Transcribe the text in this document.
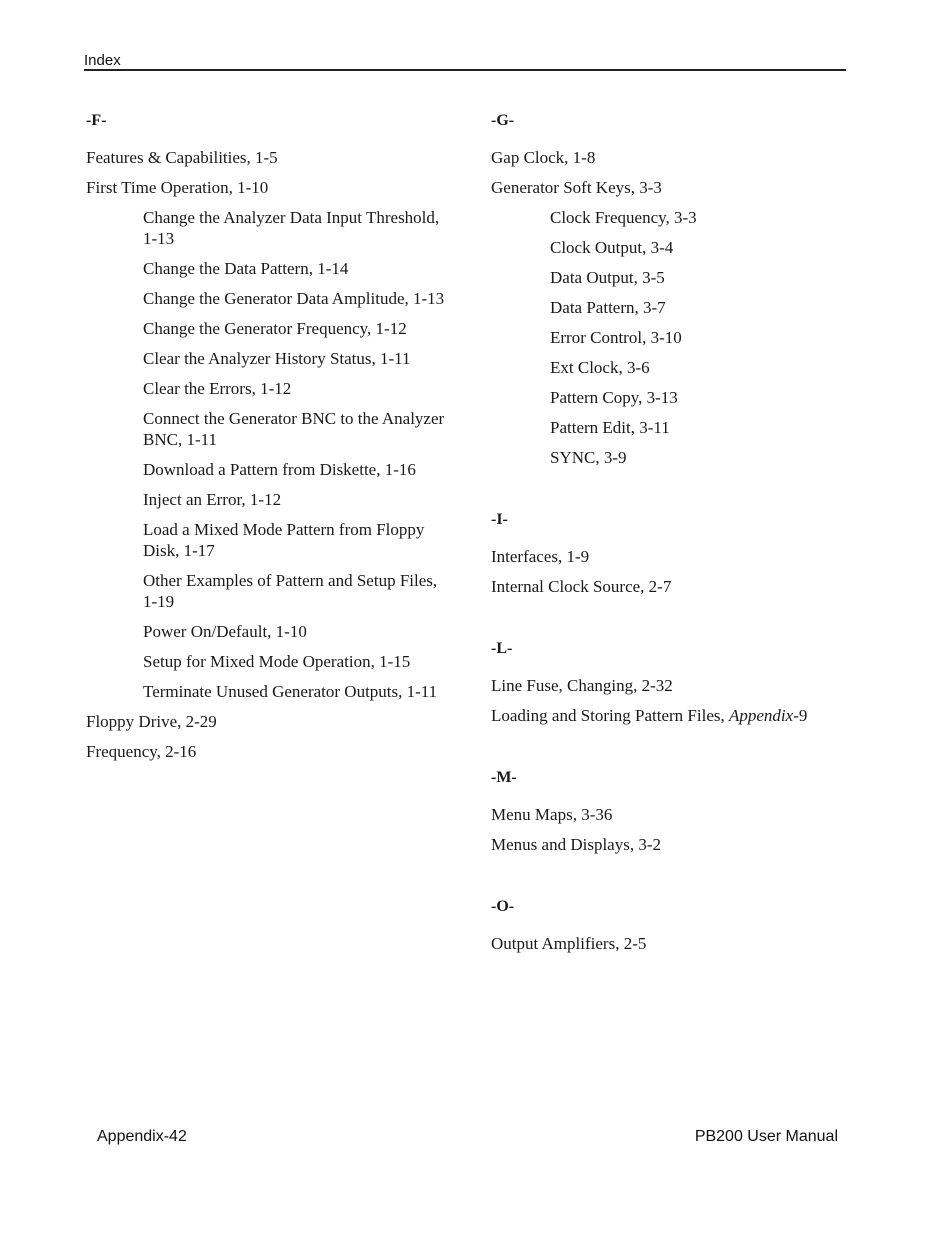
Index
-F-
Features & Capabilities, 1-5
First Time Operation, 1-10
Change the Analyzer Data Input Threshold, 1-13
Change the Data Pattern, 1-14
Change the Generator Data Amplitude, 1-13
Change the Generator Frequency, 1-12
Clear the Analyzer History Status, 1-11
Clear the Errors, 1-12
Connect the Generator BNC to the Analyzer BNC, 1-11
Download a Pattern from Diskette, 1-16
Inject an Error, 1-12
Load a Mixed Mode Pattern from Floppy Disk, 1-17
Other Examples of Pattern and Setup Files, 1-19
Power On/Default, 1-10
Setup for Mixed Mode Operation, 1-15
Terminate Unused Generator Outputs, 1-11
Floppy Drive, 2-29
Frequency, 2-16
-G-
Gap Clock, 1-8
Generator Soft Keys, 3-3
Clock Frequency, 3-3
Clock Output, 3-4
Data Output, 3-5
Data Pattern, 3-7
Error Control, 3-10
Ext Clock, 3-6
Pattern Copy, 3-13
Pattern Edit, 3-11
SYNC, 3-9
-I-
Interfaces, 1-9
Internal Clock Source, 2-7
-L-
Line Fuse, Changing, 2-32
Loading and Storing Pattern Files, Appendix-9
-M-
Menu Maps, 3-36
Menus and Displays, 3-2
-O-
Output Amplifiers, 2-5
Appendix-42	PB200 User Manual
